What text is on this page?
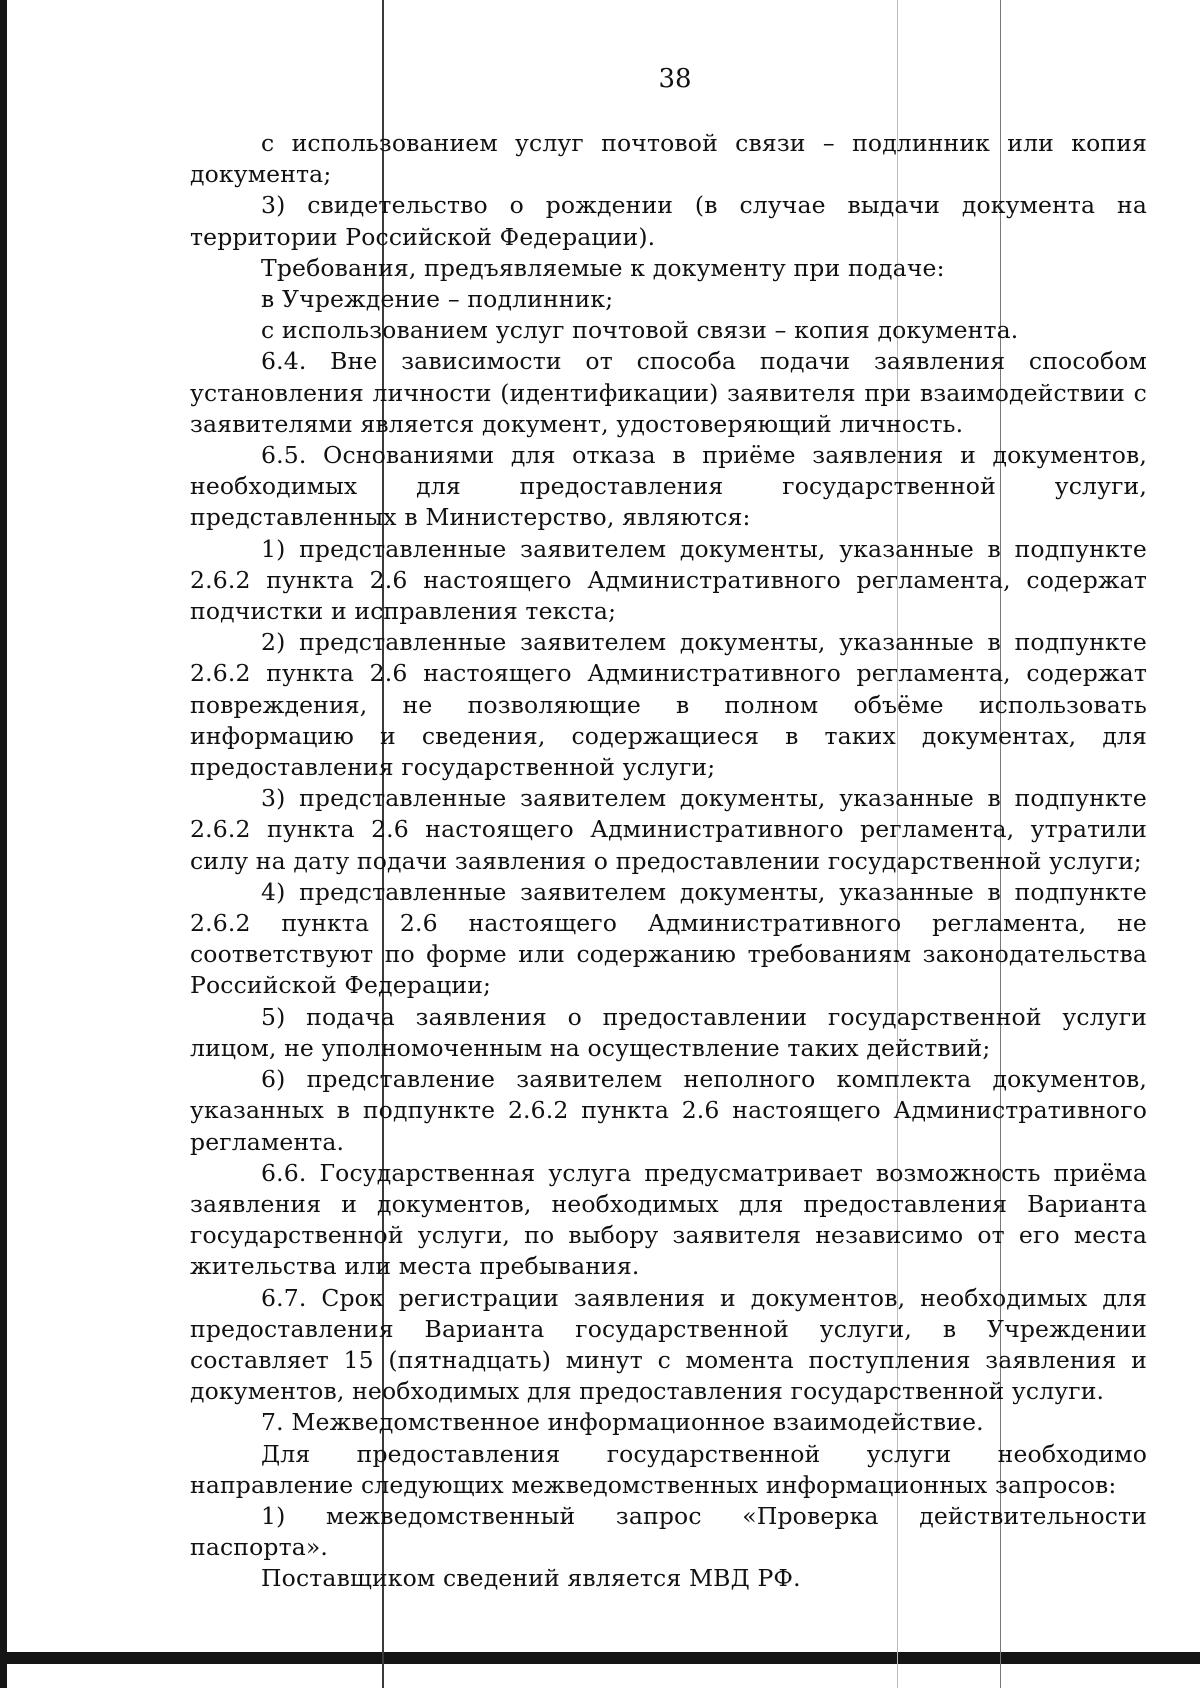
38

с использованием услуг почтовой связи – подлинник или копия документа;

3) свидетельство о рождении (в случае выдачи документа на территории Российской Федерации).

Требования, предъявляемые к документу при подаче:

в Учреждение – подлинник;

с использованием услуг почтовой связи – копия документа.

6.4. Вне зависимости от способа подачи заявления способом установления личности (идентификации) заявителя при взаимодействии с заявителями является документ, удостоверяющий личность.

6.5. Основаниями для отказа в приёме заявления и документов, необходимых для предоставления государственной услуги, представленных в Министерство, являются:

1) представленные заявителем документы, указанные в подпункте 2.6.2 пункта 2.6 настоящего Административного регламента, содержат подчистки и исправления текста;

2) представленные заявителем документы, указанные в подпункте 2.6.2 пункта 2.6 настоящего Административного регламента, содержат повреждения, не позволяющие в полном объёме использовать информацию и сведения, содержащиеся в таких документах, для предоставления государственной услуги;

3) представленные заявителем документы, указанные в подпункте 2.6.2 пункта 2.6 настоящего Административного регламента, утратили силу на дату подачи заявления о предоставлении государственной услуги;

4) представленные заявителем документы, указанные в подпункте 2.6.2 пункта 2.6 настоящего Административного регламента, не соответствуют по форме или содержанию требованиям законодательства Российской Федерации;

5) подача заявления о предоставлении государственной услуги лицом, не уполномоченным на осуществление таких действий;

6) представление заявителем неполного комплекта документов, указанных в подпункте 2.6.2 пункта 2.6 настоящего Административного регламента.

6.6. Государственная услуга предусматривает возможность приёма заявления и документов, необходимых для предоставления Варианта государственной услуги, по выбору заявителя независимо от его места жительства или места пребывания.

6.7. Срок регистрации заявления и документов, необходимых для предоставления Варианта государственной услуги, в Учреждении составляет 15 (пятнадцать) минут с момента поступления заявления и документов, необходимых для предоставления государственной услуги.

7. Межведомственное информационное взаимодействие.

Для предоставления государственной услуги необходимо направление следующих межведомственных информационных запросов:

1) межведомственный запрос «Проверка действительности паспорта».

Поставщиком сведений является МВД РФ.
